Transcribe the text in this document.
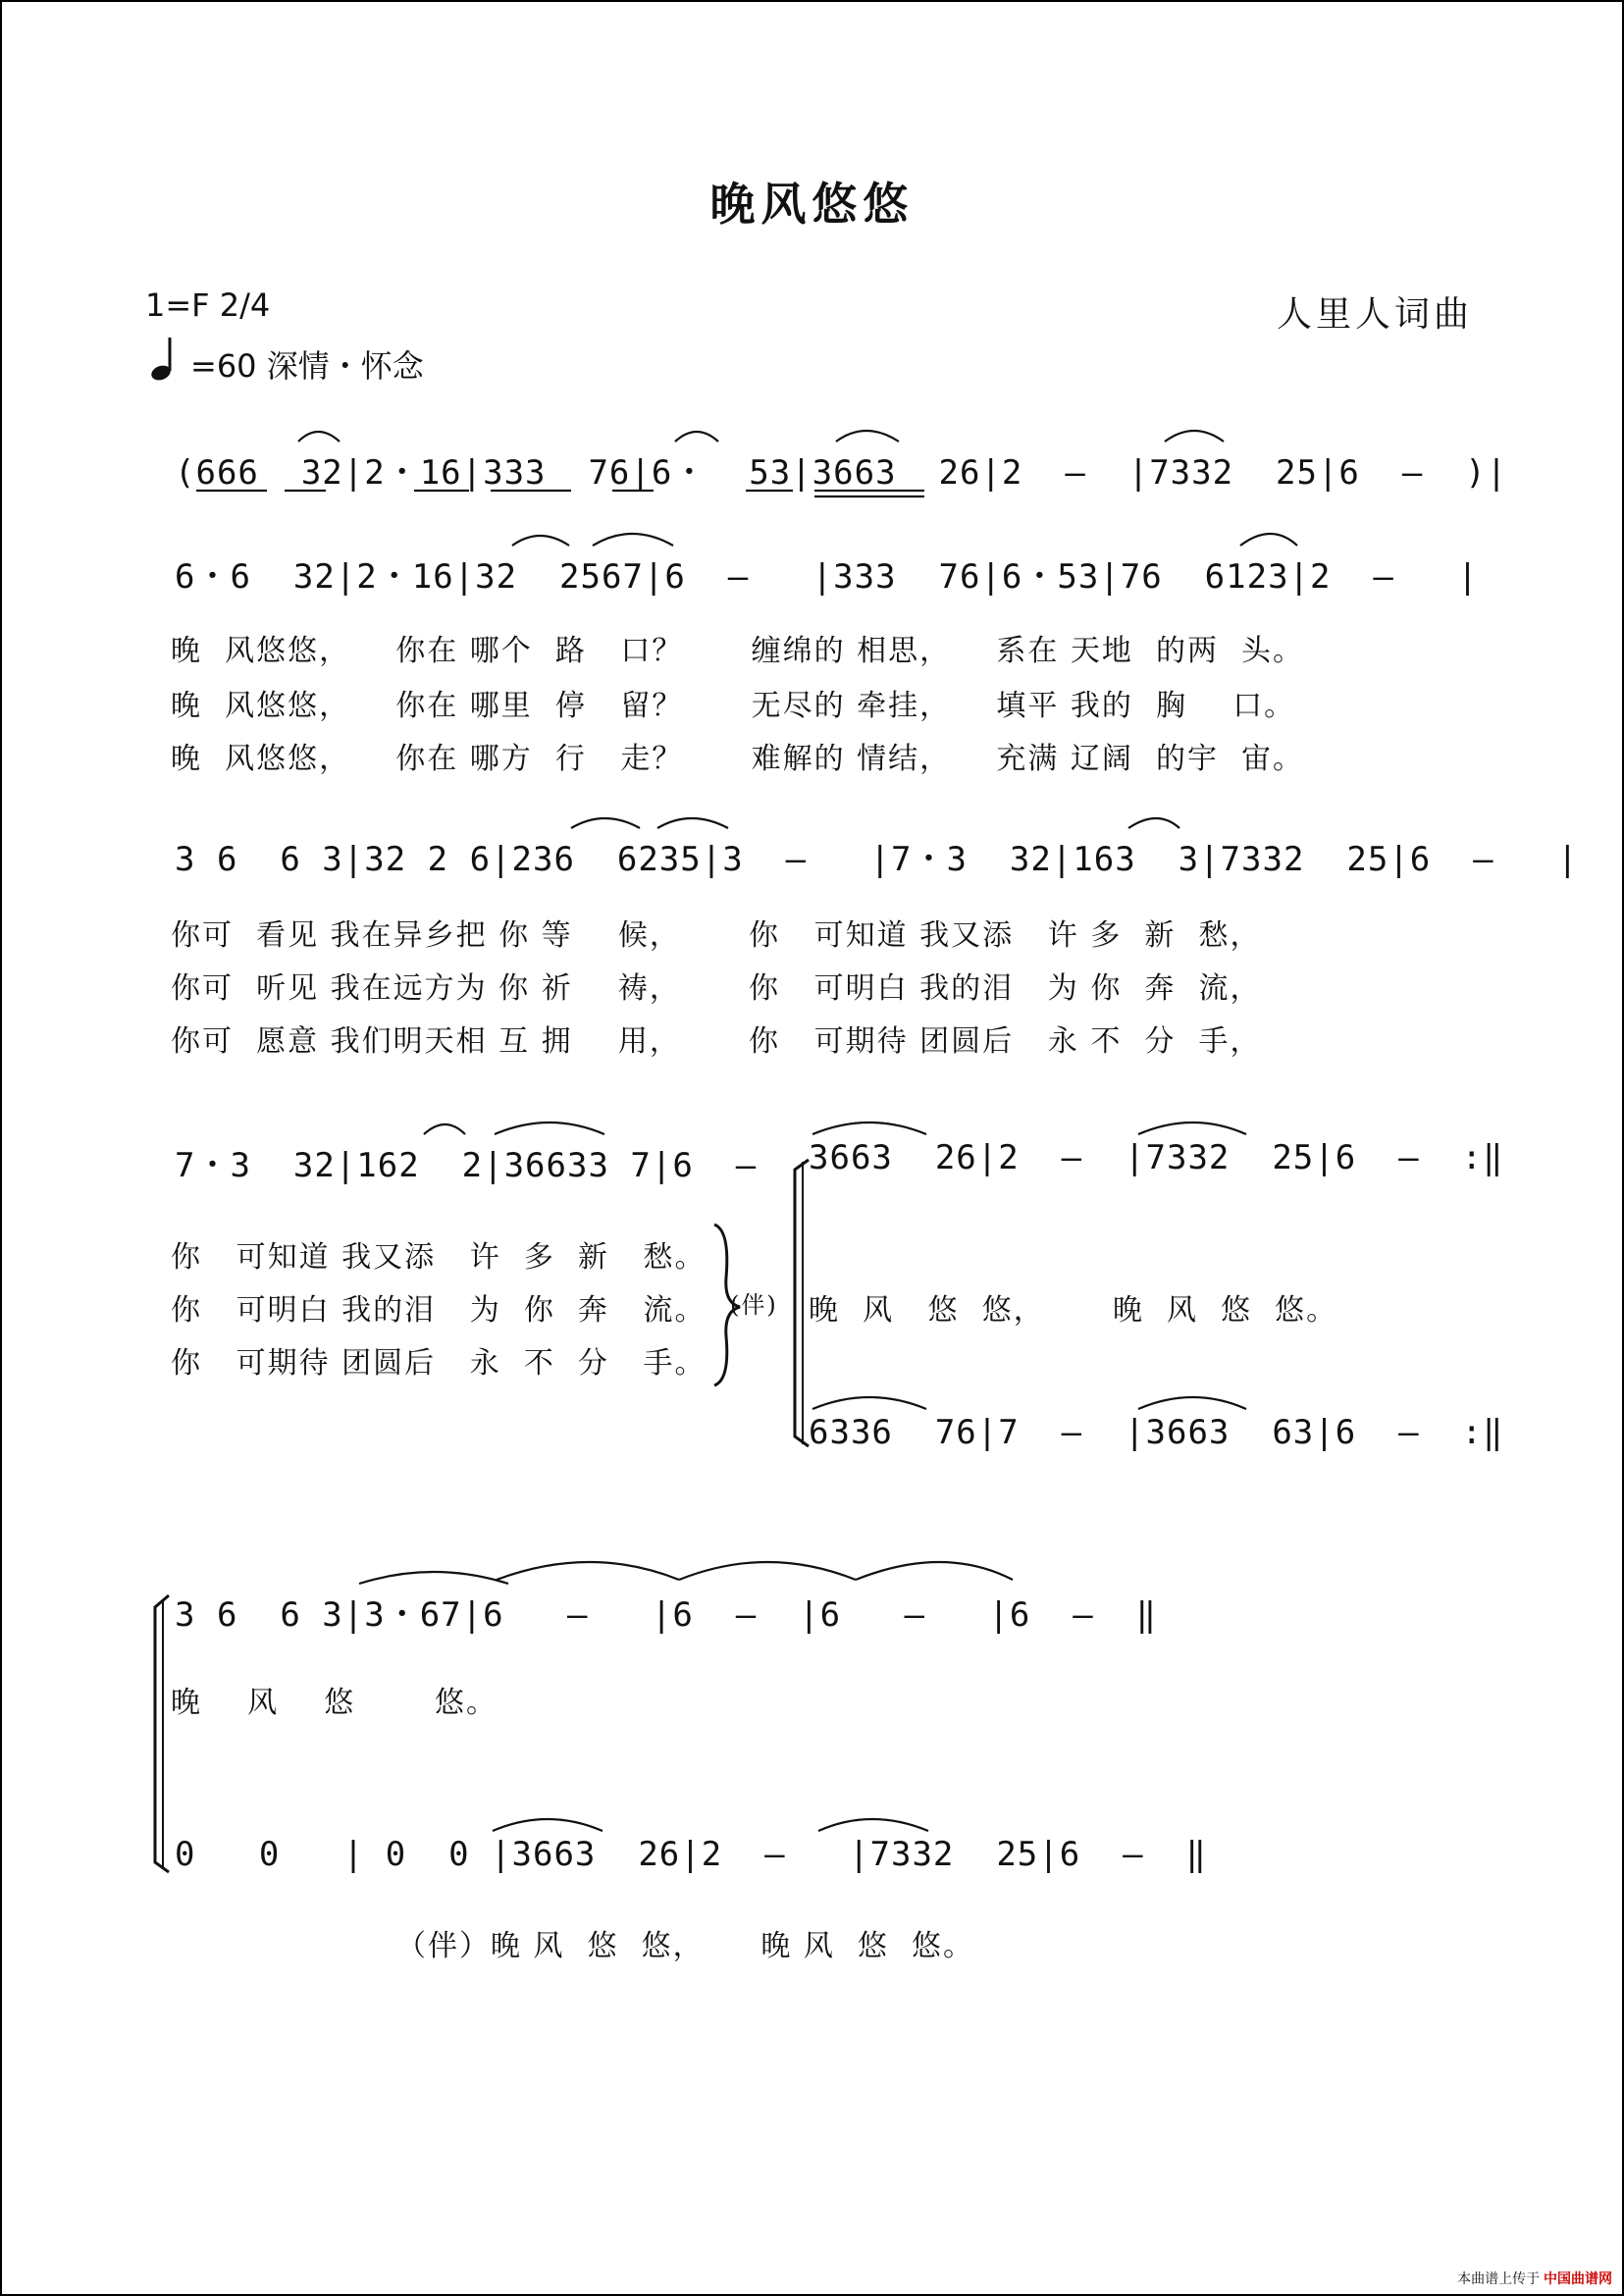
晚风悠悠
1=F 2/4	人里人词曲
=60 深情・怀念
(666  32|2・16|333  76|6・  53|3663  26|2  –  |7332  25|6  –  )|
6・6  32|2・16|32  2567|6  –   |333  76|6・53|76  6123|2  –   |
晚  风悠悠，    你在 哪个  路   口？      缠绵的 相思，    系在 天地  的两  头。
晚  风悠悠，    你在 哪里  停   留？      无尽的 牵挂，    填平 我的  胸    口。
晚  风悠悠，    你在 哪方  行   走？      难解的 情结，    充满 辽阔  的宇  宙。
3 6  6 3|32 2 6|236  6235|3  –   |7・3  32|163  3|7332  25|6  –   |
你可  看见 我在异乡把 你 等    候，      你   可知道 我又添   许 多  新  愁，
你可  听见 我在远方为 你 祈    祷，      你   可明白 我的泪   为 你  奔  流，
你可  愿意 我们明天相 互 拥    用，      你   可期待 团圆后   永 不  分  手，
7・3  32|162  2|36633 7|6  –	3663  26|2  –  |7332  25|6  –  :‖
你   可知道 我又添   许  多  新   愁。
你   可明白 我的泪   为  你  奔   流。
你   可期待 团圆后   永  不  分   手。
(伴)	晚  风   悠  悠，      晚  风  悠  悠。
6336  76|7  –  |3663  63|6  –  :‖
3 6  6 3|3・67|6   –   |6  –  |6   –   |6  –  ‖
晚    风    悠       悠。
0   0   | 0  0 |3663  26|2  –   |7332  25|6  –  ‖
（伴）晚 风  悠  悠，     晚 风  悠  悠。
本曲谱上传于 中国曲谱网
